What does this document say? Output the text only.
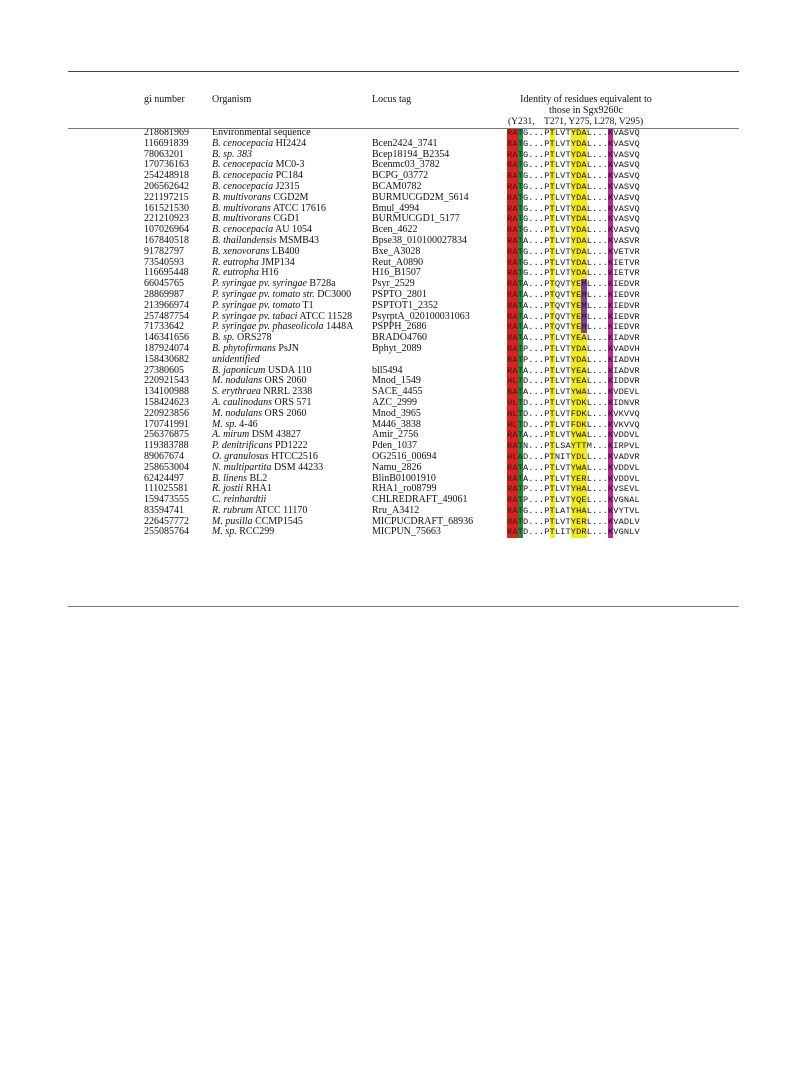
gi number	Organism	Locus tag	Identity of residues equivalent to
those in Sgx9260c
(Y231,    T271, Y275, L278, V295)
218681969 Environmental sequence	RATG...PTLVTYDAL...KVASVQ
116691839 B. cenocepacia HI2424	Bcen2424_3741	RATG...PTLVTYDAL...KVASVQ
78063201	B. sp. 383	Bcep18194_B2354	RATG...PTLVTYDAL...KVASVQ
170736163 B. cenocepacia MC0-3	Bcenmc03_3782	RATG...PTLVTYDAL...KVASVQ
254248918 B. cenocepacia PC184	BCPG_03772	RATG...PTLVTYDAL...KVASVQ
206562642 B. cenocepacia J2315	BCAM0782	RATG...PTLVTYDAL...KVASVQ
221197215 B. multivorans CGD2M	BURMUCGD2M_5614	RATG...PTLVTYDAL...KVASVQ
161521530 B. multivorans ATCC 17616	Bmul_4994	RATG...PTLVTYDAL...KVASVQ
221210923 B. multivorans CGD1	BURMUCGD1_5177	RATG...PTLVTYDAL...KVASVQ
107026964 B. cenocepacia AU 1054	Bcen_4622	RATG...PTLVTYDAL...KVASVQ
167840518 B. thailandensis MSMB43	Bpse38_010100027834	RATA...PTLVTYDAL...KVASVR
91782797	B. xenovorans LB400	Bxe_A3028	RATG...PTLVTYDAL...KVETVR
73540593	R. eutropha JMP134	Reut_A0890	RATG...PTLVTYDAL...KIETVR
116695448 R. eutropha H16	H16_B1507	RATG...PTLVTYDAL...KIETVR
66045765	P. syringae pv. syringae B728a	Psyr_2529	RATA...PTQVTYEML...KIEDVR
28869987	P. syringae pv. tomato str. DC3000 PSPTO_2801	RATA...PTQVTYEML...KIEDVR
213966974 P. syringae pv. tomato T1	PSPTOT1_2352	RATA...PTQVTYEML...KIEDVR
257487754 P. syringae pv. tabaci ATCC 11528 PsyrptA_020100031063	RATA...PTQVTYEML...KIEDVR
71733642	P. syringae pv. phaseolicola 1448A PSPPH_2686	RATA...PTQVTYEML...KIEDVR
146341656 B. sp. ORS278	BRADO4760	RATA...PTLVTYEAL...KIADVR
187924074 B. phytofirmans PsJN	Bphyt_2089	RATP...PTLVTYDAL...KVADVH
158430682 unidentified	RATP...PTLVTYDAL...KIADVH
27380605	B. japonicum USDA 110	bll5494	RATA...PTLVTYEAL...KIADVR
220921543 M. nodulans ORS 2060	Mnod_1549	HLTD...PTLVTYEAL...KIDDVR
134100988 S. erythraea NRRL 2338	SACE_4455	RATA...PTLVTYWAL...KVDEVL
158424623 A. caulinodans ORS 571	AZC_2999	HLTD...PTLVTYDKL...KIDNVR
220923856 M. nodulans ORS 2060	Mnod_3965	HLTD...PTLVTFDKL...KVKVVQ
170741991 M. sp. 4-46	M446_3838	HLTD...PTLVTFDKL...KVKVVQ
256376875 A. mirum DSM 43827	Amir_2756	RATA...PTLVTYWAL...KVDDVL
119383788 P. denitrificans PD1222	Pden_1037	RATN...PTLSAYTTM...KIRPVL
89067674	O. granulosus HTCC2516	OG2516_00694	HLAD...PTNITYDLL...KVADVR
258653004 N. multipartita DSM 44233	Namu_2826	RATA...PTLVTYWAL...KVDDVL
62424497	B. linens BL2	BlinB01001910	RATA...PTLVTYERL...KVDDVL
111025581 R. jostii RHA1	RHA1_ro08799	RATP...PTLVTYHAL...KVSEVL
159473555 C. reinhardtii	CHLREDRAFT_49061	RATP...PTLVTYQEL...KVGNAL
83594741	R. rubrum ATCC 11170	Rru_A3412	RATG...PTLATYHAL...KVYTVL
226457772 M. pusilla CCMP1545	MICPUCDRAFT_68936	RATD...PTLVTYERL...KVADLV
255085764 M. sp. RCC299	MICPUN_75663	RATD...PTLITYDRL...KVGNLV
